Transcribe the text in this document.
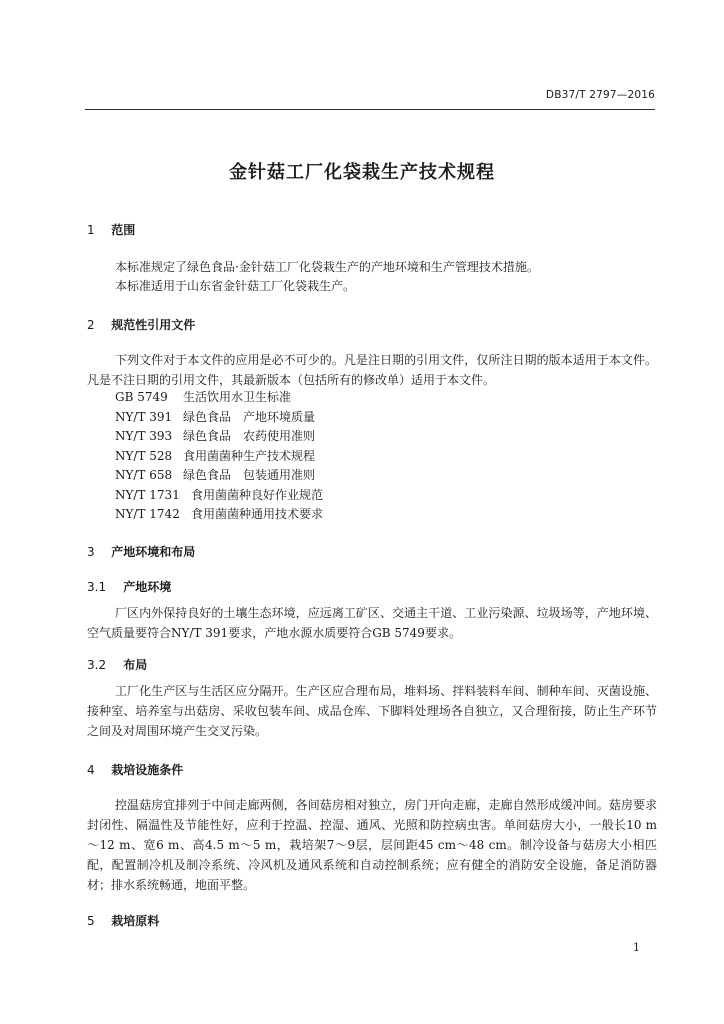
DB37/T 2797—2016
金针菇工厂化袋栽生产技术规程
1 范围
本标准规定了绿色食品·金针菇工厂化袋栽生产的产地环境和生产管理技术措施。
本标准适用于山东省金针菇工厂化袋栽生产。
2 规范性引用文件
下列文件对于本文件的应用是必不可少的。凡是注日期的引用文件，仅所注日期的版本适用于本文件。凡是不注日期的引用文件，其最新版本（包括所有的修改单）适用于本文件。
GB 5749 生活饮用水卫生标准
NY/T 391 绿色食品　产地环境质量
NY/T 393 绿色食品　农药使用准则
NY/T 528 食用菌菌种生产技术规程
NY/T 658 绿色食品　包装通用准则
NY/T 1731 食用菌菌种良好作业规范
NY/T 1742 食用菌菌种通用技术要求
3 产地环境和布局
3.1 产地环境
厂区内外保持良好的土壤生态环境，应远离工矿区、交通主干道、工业污染源、垃圾场等，产地环境、空气质量要符合NY/T 391要求，产地水源水质要符合GB 5749要求。
3.2 布局
工厂化生产区与生活区应分隔开。生产区应合理布局，堆料场、拌料装料车间、制种车间、灭菌设施、接种室、培养室与出菇房、采收包装车间、成品仓库、下脚料处理场各自独立，又合理衔接，防止生产环节之间及对周围环境产生交叉污染。
4 栽培设施条件
控温菇房宜排列于中间走廊两侧，各间菇房相对独立，房门开向走廊，走廊自然形成缓冲间。菇房要求封闭性、隔温性及节能性好，应利于控温、控湿、通风、光照和防控病虫害。单间菇房大小，一般长10 m～12 m、宽6 m、高4.5 m～5 m，栽培架7～9层，层间距45 cm～48 cm。制冷设备与菇房大小相匹配，配置制冷机及制冷系统、冷风机及通风系统和自动控制系统；应有健全的消防安全设施，备足消防器材；排水系统畅通，地面平整。
5 栽培原料
1
